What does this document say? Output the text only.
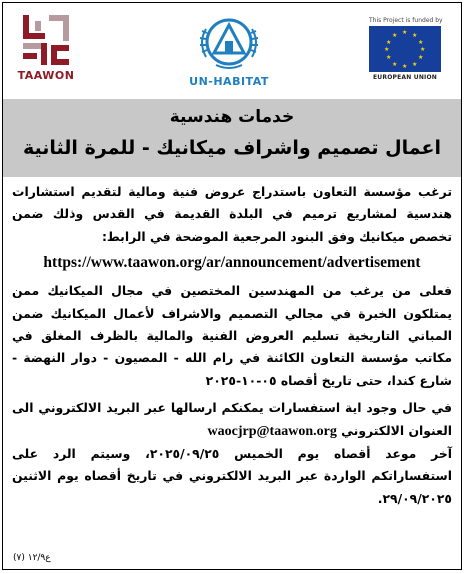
This Project is funded by
★ ★
★
★
★
★
★
★
★
★
★
★
EUROPEAN UNION
UN-HABITAT
TAAWON
خدمات هندسية
اعمال تصميم واشراف ميكانيك - للمرة الثانية

ترغب مؤسسة التعاون باستدراج عروض فنية ومالية لتقديم استشارات هندسية لمشاريع ترميم في البلدة القديمة في القدس وذلك ضمن تخصص ميكانيك وفق البنود المرجعية الموضحة في الرابط:

https://www.taawon.org/ar/announcement/advertisement

فعلى من يرغب من المهندسين المختصين في مجال الميكانيك ممن يمتلكون الخبرة في مجالي التصميم والاشراف لأعمال الميكانيك ضمن المباني التاريخية تسليم العروض الفنية والمالية بالظرف المغلق في مكاتب مؤسسة التعاون الكائنة في رام الله - المصيون - دوار النهضة - شارع كندا، حتى تاريخ أقصاه ٠٥-١٠-٢٠٢٥

في حال وجود اية استفسارات يمكنكم ارسالها عبر البريد الالكتروني الى العنوان الالكتروني waocjrp@taawon.org

آخر موعد أقصاه يوم الخميس ٢٠٢٥/٠٩/٢٥، وسيتم الرد على استفساراتكم الواردة عبر البريد الالكتروني في تاريخ أقصاه يوم الاثنين ٢٩/٠٩/٢٠٢٥.

ع١٢/٩ (٧)
